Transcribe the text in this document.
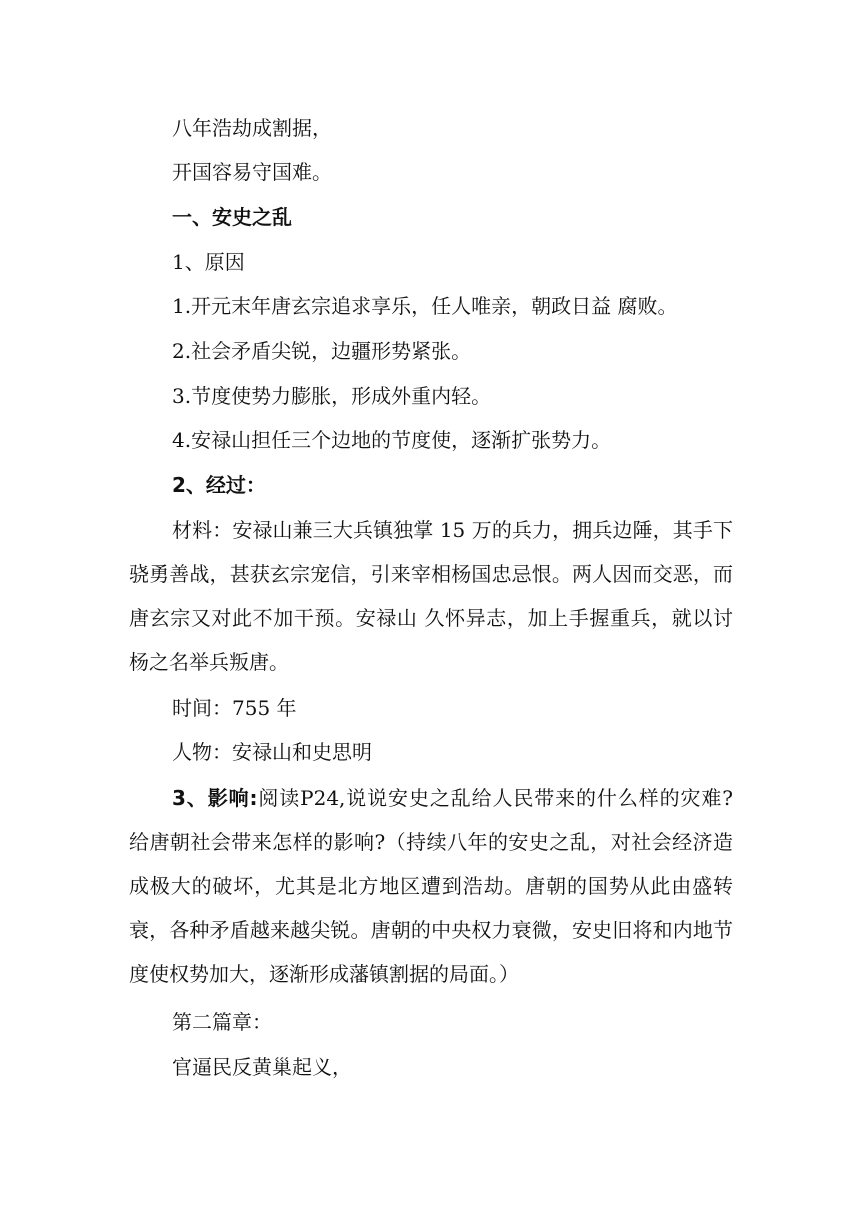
八年浩劫成割据，
开国容易守国难。
一、安史之乱
1、原因
1.开元末年唐玄宗追求享乐，任人唯亲，朝政日益 腐败。
2.社会矛盾尖锐，边疆形势紧张。
3.节度使势力膨胀，形成外重内轻。
4.安禄山担任三个边地的节度使，逐渐扩张势力。
2、经过：
材料：安禄山兼三大兵镇独掌 15 万的兵力，拥兵边陲，其手下骁勇善战，甚获玄宗宠信，引来宰相杨国忠忌恨。两人因而交恶，而唐玄宗又对此不加干预。安禄山 久怀异志，加上手握重兵，就以讨杨之名举兵叛唐。
时间：755 年
人物：安禄山和史思明
3、影响:阅读P24,说说安史之乱给人民带来的什么样的灾难? 给唐朝社会带来怎样的影响?（持续八年的安史之乱，对社会经济造成极大的破坏，尤其是北方地区遭到浩劫。唐朝的国势从此由盛转衰，各种矛盾越来越尖锐。唐朝的中央权力衰微，安史旧将和内地节度使权势加大，逐渐形成藩镇割据的局面。）
第二篇章：
官逼民反黄巢起义，
